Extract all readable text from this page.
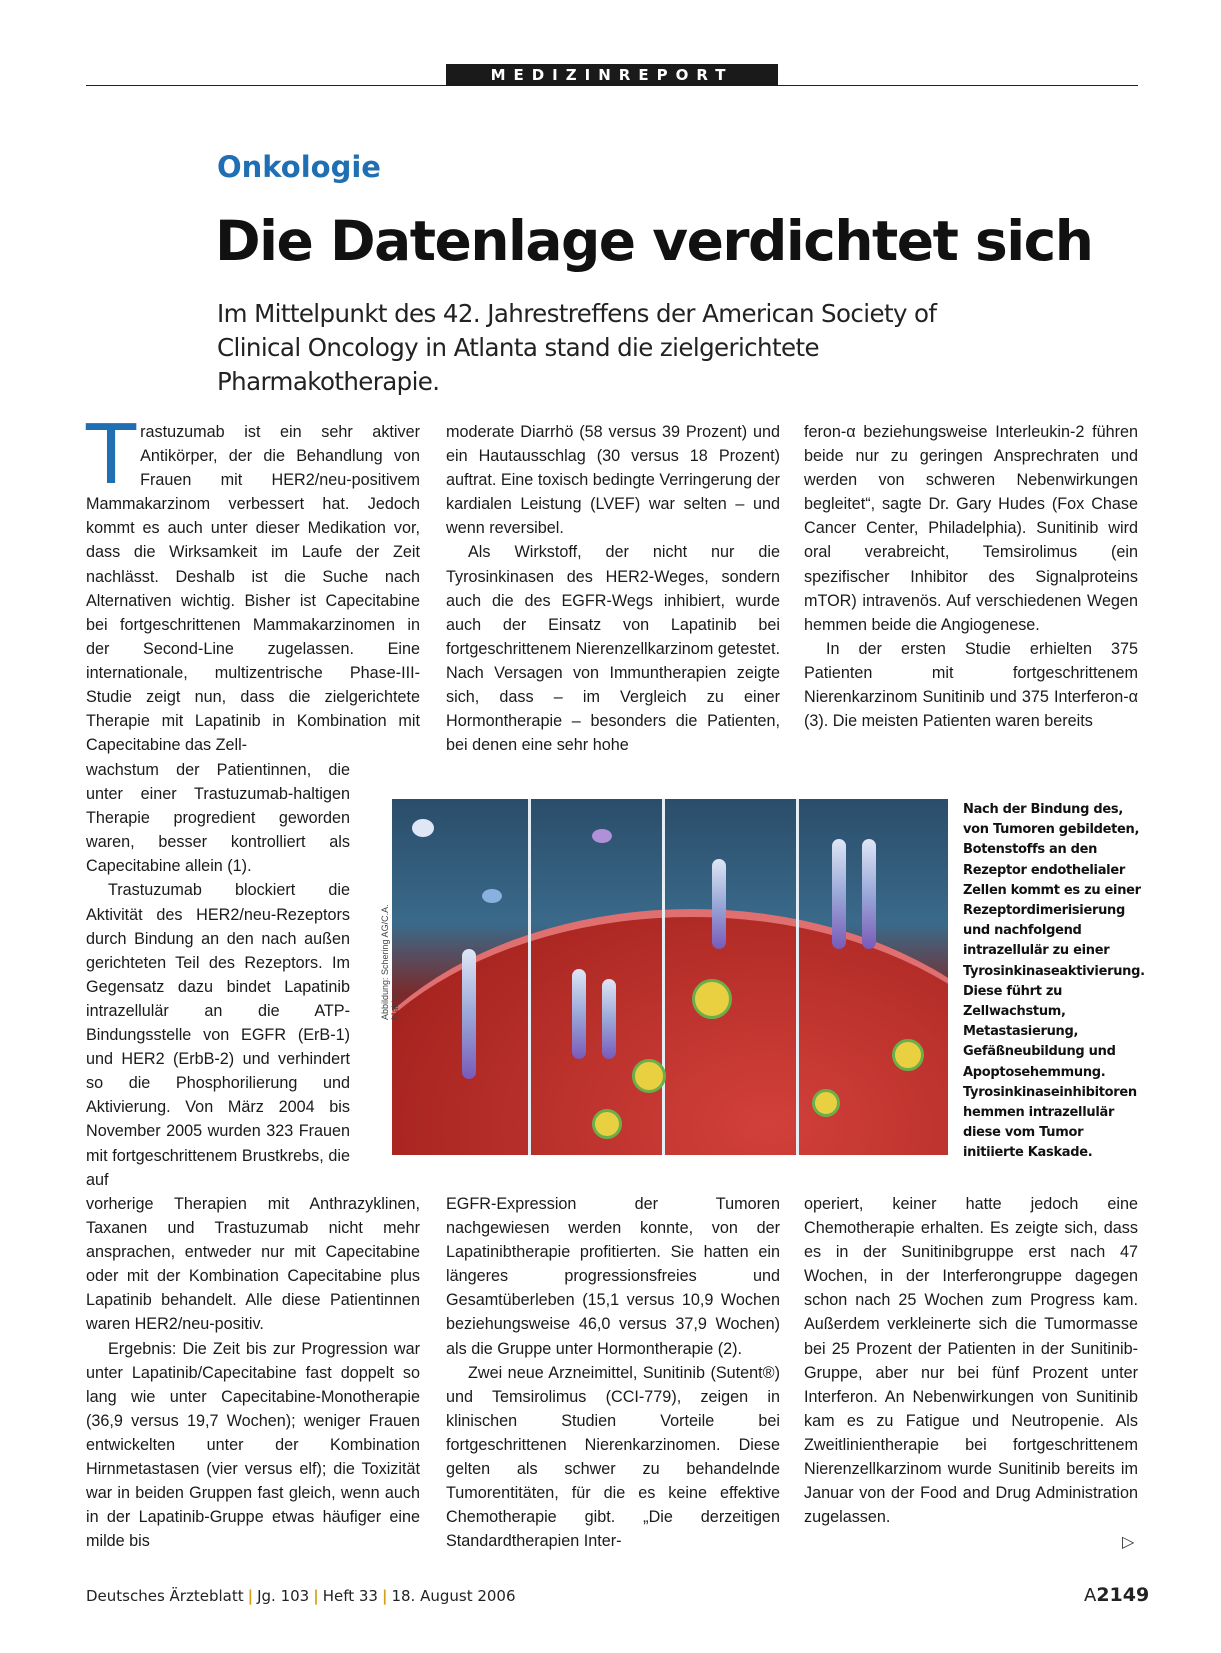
MEDIZINREPORT
Onkologie
Die Datenlage verdichtet sich
Im Mittelpunkt des 42. Jahrestreffens der American Society of Clinical Oncology in Atlanta stand die zielgerichtete Pharmakotherapie.

Trastuzumab ist ein sehr aktiver Antikörper, der die Behandlung von Frauen mit HER2/neu-positivem Mammakarzinom verbessert hat. Jedoch kommt es auch unter dieser Medikation vor, dass die Wirksamkeit im Laufe der Zeit nachlässt. Deshalb ist die Suche nach Alternativen wichtig. Bisher ist Capecitabine bei fortgeschrittenen Mammakarzinomen in der Second-Line zugelassen. Eine internationale, multizentrische Phase-III-Studie zeigt nun, dass die zielgerichtete Therapie mit Lapatinib in Kombination mit Capecitabine das Zell-

wachstum der Patientinnen, die unter einer Trastuzumab-haltigen Therapie progredient geworden waren, besser kontrolliert als Capecitabine allein (1).

Trastuzumab blockiert die Aktivität des HER2/neu-Rezeptors durch Bindung an den nach außen gerichteten Teil des Rezeptors. Im Gegensatz dazu bindet Lapatinib intrazellulär an die ATP-Bindungsstelle von EGFR (ErB-1) und HER2 (ErbB-2) und verhindert so die Phosphorilierung und Aktivierung. Von März 2004 bis November 2005 wurden 323 Frauen mit fortgeschrittenem Brustkrebs, die auf

vorherige Therapien mit Anthrazyklinen, Taxanen und Trastuzumab nicht mehr ansprachen, entweder nur mit Capecitabine oder mit der Kombination Capecitabine plus Lapatinib behandelt. Alle diese Patientinnen waren HER2/neu-positiv.

Ergebnis: Die Zeit bis zur Progression war unter Lapatinib/Capecitabine fast doppelt so lang wie unter Capecitabine-Monotherapie (36,9 versus 19,7 Wochen); weniger Frauen entwickelten unter der Kombination Hirnmetastasen (vier versus elf); die Toxizität war in beiden Gruppen fast gleich, wenn auch in der Lapatinib-Gruppe etwas häufiger eine milde bis

moderate Diarrhö (58 versus 39 Prozent) und ein Hautausschlag (30 versus 18 Prozent) auftrat. Eine toxisch bedingte Verringerung der kardialen Leistung (LVEF) war selten – und wenn reversibel.

Als Wirkstoff, der nicht nur die Tyrosinkinasen des HER2-Weges, sondern auch die des EGFR-Wegs inhibiert, wurde auch der Einsatz von Lapatinib bei fortgeschrittenem Nierenzellkarzinom getestet. Nach Versagen von Immuntherapien zeigte sich, dass – im Vergleich zu einer Hormontherapie – besonders die Patienten, bei denen eine sehr hohe

EGFR-Expression der Tumoren nachgewiesen werden konnte, von der Lapatinibtherapie profitierten. Sie hatten ein längeres progressionsfreies und Gesamtüberleben (15,1 versus 10,9 Wochen beziehungsweise 46,0 versus 37,9 Wochen) als die Gruppe unter Hormontherapie (2).

Zwei neue Arzneimittel, Sunitinib (Sutent®) und Temsirolimus (CCI-779), zeigen in klinischen Studien Vorteile bei fortgeschrittenen Nierenkarzinomen. Diese gelten als schwer zu behandelnde Tumorentitäten, für die es keine effektive Chemotherapie gibt. „Die derzeitigen Standardtherapien Inter-

feron-α beziehungsweise Interleukin-2 führen beide nur zu geringen Ansprechraten und werden von schweren Nebenwirkungen begleitet“, sagte Dr. Gary Hudes (Fox Chase Cancer Center, Philadelphia). Sunitinib wird oral verabreicht, Temsirolimus (ein spezifischer Inhibitor des Signalproteins mTOR) intravenös. Auf verschiedenen Wegen hemmen beide die Angiogenese.

In der ersten Studie erhielten 375 Patienten mit fortgeschrittenem Nierenkarzinom Sunitinib und 375 Interferon-α (3). Die meisten Patienten waren bereits

operiert, keiner hatte jedoch eine Chemotherapie erhalten. Es zeigte sich, dass es in der Sunitinibgruppe erst nach 47 Wochen, in der Interferongruppe dagegen schon nach 25 Wochen zum Progress kam. Außerdem verkleinerte sich die Tumormasse bei 25 Prozent der Patienten in der Sunitinib-Gruppe, aber nur bei fünf Prozent unter Interferon. An Nebenwirkungen von Sunitinib kam es zu Fatigue und Neutropenie. Als Zweitlinientherapie bei fortgeschrittenem Nierenzellkarzinom wurde Sunitinib bereits im Januar von der Food and Drug Administration zugelassen.

▷
Abbildung: Schering AG/C.A. Mahler
Nach der Bindung des, von Tumoren gebildeten, Botenstoffs an den Rezeptor endothelialer Zellen kommt es zu einer Rezeptordimerisierung und nachfolgend intrazellulär zu einer Tyrosinkinaseaktivierung. Diese führt zu Zellwachstum, Metastasierung, Gefäßneubildung und Apoptosehemmung. Tyrosinkinaseinhibitoren hemmen intrazellulär diese vom Tumor initiierte Kaskade.
Deutsches Ärzteblatt | Jg. 103 | Heft 33 | 18. August 2006	A2149
